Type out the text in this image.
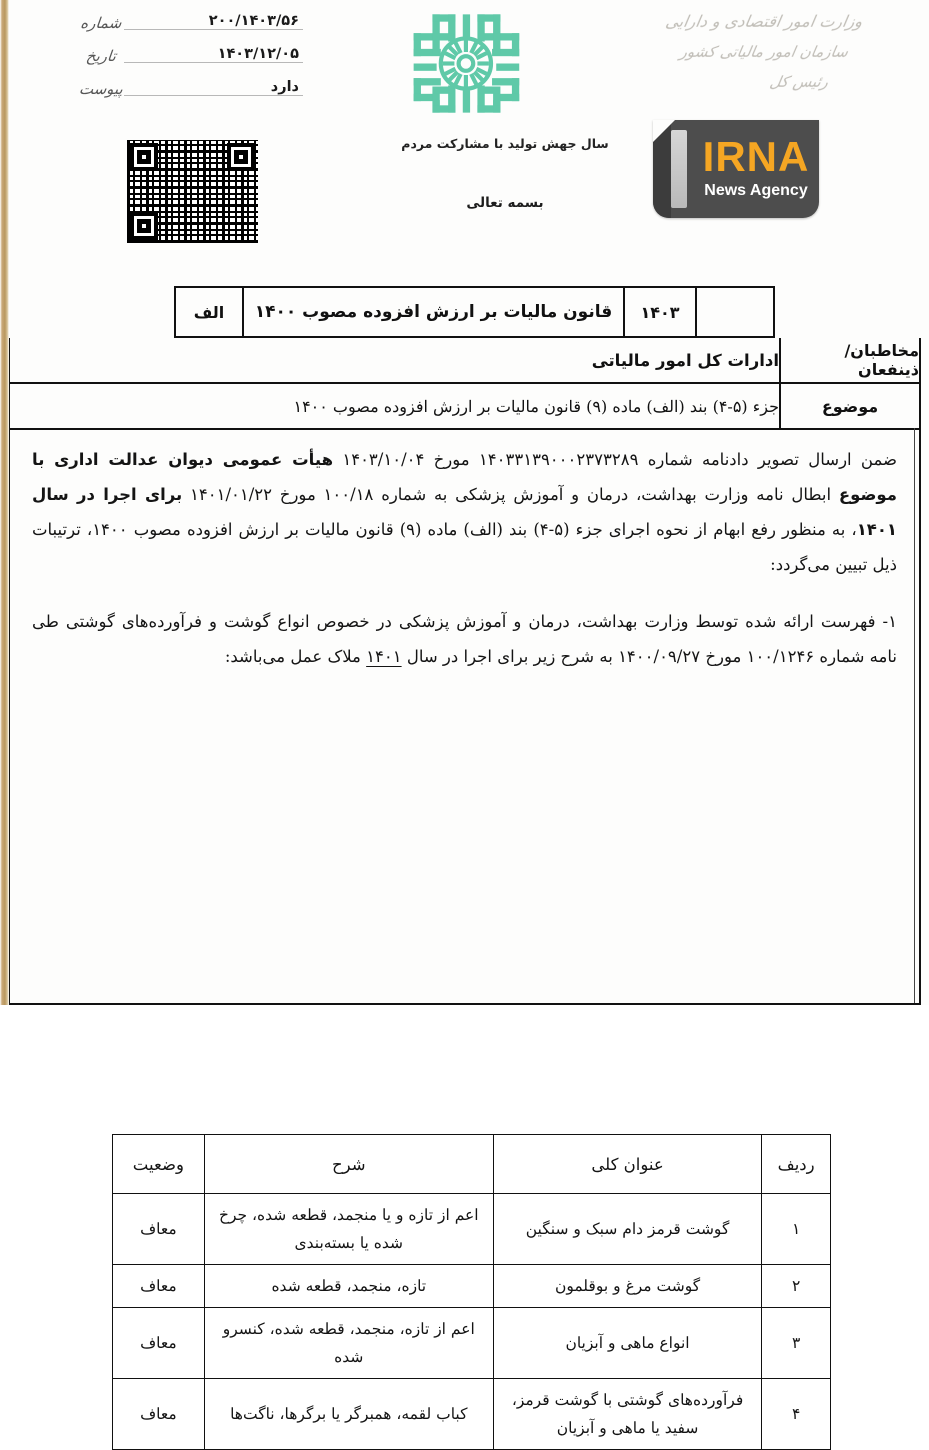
شماره	۲۰۰/۱۴۰۳/۵۶
تاریخ	۱۴۰۳/۱۲/۰۵
پیوست	دارد
سال جهش تولید با مشارکت مردم
بسمه تعالی
وزارت امور اقتصادی و دارایی
سازمان امور مالیاتی کشور
رئیس کل
IRNA
News Agency
۱۴۰۳
قانون مالیات بر ارزش افزوده مصوب ۱۴۰۰
الف
مخاطبان/ ذینفعان
ادارات کل امور مالیاتی
موضوع
جزء (۵-۴) بند (الف) ماده (۹) قانون مالیات بر ارزش افزوده مصوب ۱۴۰۰

ضمن ارسال تصویر دادنامه شماره ۱۴۰۳۳۱۳۹۰۰۰۲۳۷۳۲۸۹ مورخ ۱۴۰۳/۱۰/۰۴ هیأت عمومی دیوان عدالت اداری با موضوع ابطال نامه وزارت بهداشت، درمان و آموزش پزشکی به شماره ۱۰۰/۱۸ مورخ ۱۴۰۱/۰۱/۲۲ برای اجرا در سال ۱۴۰۱، به منظور رفع ابهام از نحوه اجرای جزء (۵-۴) بند (الف) ماده (۹) قانون مالیات بر ارزش افزوده مصوب ۱۴۰۰، ترتیبات ذیل تبیین می‌گردد:

۱- فهرست ارائه شده توسط وزارت بهداشت، درمان و آموزش پزشکی در خصوص انواع گوشت و فرآورده‌های گوشتی طی نامه شماره ۱۰۰/۱۲۴۶ مورخ ۱۴۰۰/۰۹/۲۷ به شرح زیر برای اجرا در سال ۱۴۰۱ ملاک عمل می‌باشد:

ردیف	عنوان کلی	شرح	وضعیت
۱	گوشت قرمز دام سبک و سنگین	اعم از تازه و یا منجمد، قطعه شده، چرخ شده یا بسته‌بندی	معاف
۲	گوشت مرغ و بوقلمون	تازه، منجمد، قطعه شده	معاف
۳	انواع ماهی و آبزیان	اعم از تازه، منجمد، قطعه شده، کنسرو شده	معاف
۴	فرآورده‌های گوشتی با گوشت قرمز، سفید یا ماهی و آبزیان	کباب لقمه، همبرگر یا برگرها، ناگت‌ها	معاف
